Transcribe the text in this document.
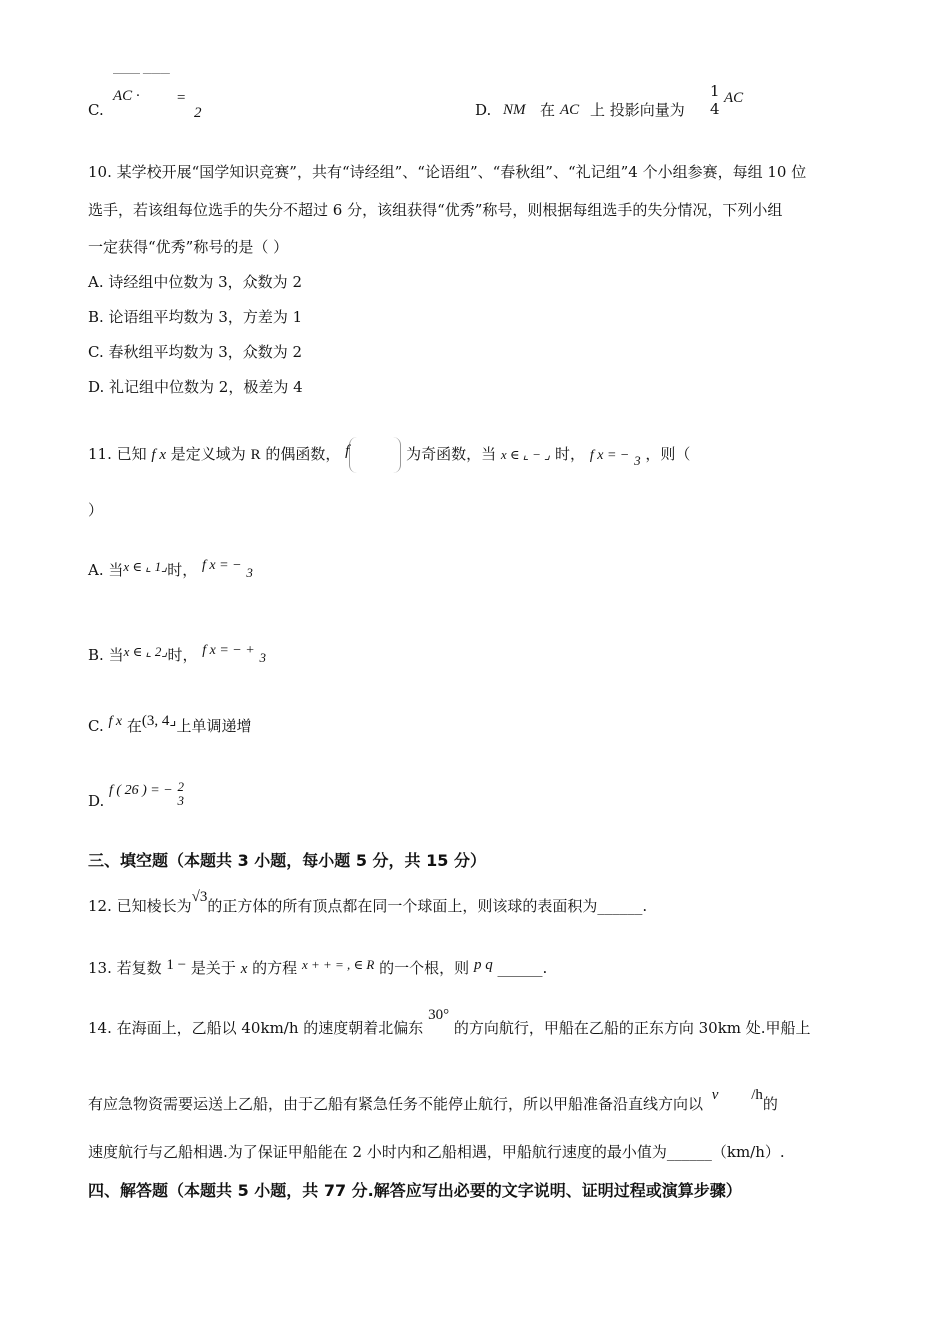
C.
AC ·
⎺⎺⎺ ⎺⎺⎺
=
2	D. NM 在 AC 上 投影向量为
1
4
AC
10. 某学校开展“国学知识竞赛”，共有“诗经组”、“论语组”、“春秋组”、“礼记组”4 个小组参赛，每组 10 位
选手，若该组每位选手的失分不超过 6 分，该组获得“优秀”称号，则根据每组选手的失分情况，下列小组
一定获得“优秀”称号的是（ ）
A. 诗经组中位数为 3，众数为 2
B. 论语组平均数为 3，方差为 1
C. 春秋组平均数为 3，众数为 2
D. 礼记组中位数为 2，极差为 4
11. 已知 f x 是定义域为 R 的偶函数， f	为奇函数，当 x ∈ ⌞ − ⌟ 时， f x = − 3 ，则（
）
A. 当x ∈ ⌞ 1⌟时， f x = − 3
B. 当x ∈ ⌞ 2⌟时， f x = − + 3
C. f x 在(3, 4⌟上单调递增
D. f ( 26 ) = − 2
3
三、填空题（本题共 3 小题，每小题 5 分，共 15 分）
12. 已知棱长为√3的正方体的所有顶点都在同一个球面上，则该球的表面积为______.
13. 若复数 1 − 是关于 x 的方程 x + + = , ∈ R 的一个根，则 p q ______.
14. 在海面上，乙船以 40km/h 的速度朝着北偏东 30° 的方向航行，甲船在乙船的正东方向 30km 处.甲船上
有应急物资需要运送上乙船，由于乙船有紧急任务不能停止航行，所以甲船准备沿直线方向以 v /h的
速度航行与乙船相遇.为了保证甲船能在 2 小时内和乙船相遇，甲船航行速度的最小值为______（km/h）.
四、解答题（本题共 5 小题，共 77 分.解答应写出必要的文字说明、证明过程或演算步骤）
